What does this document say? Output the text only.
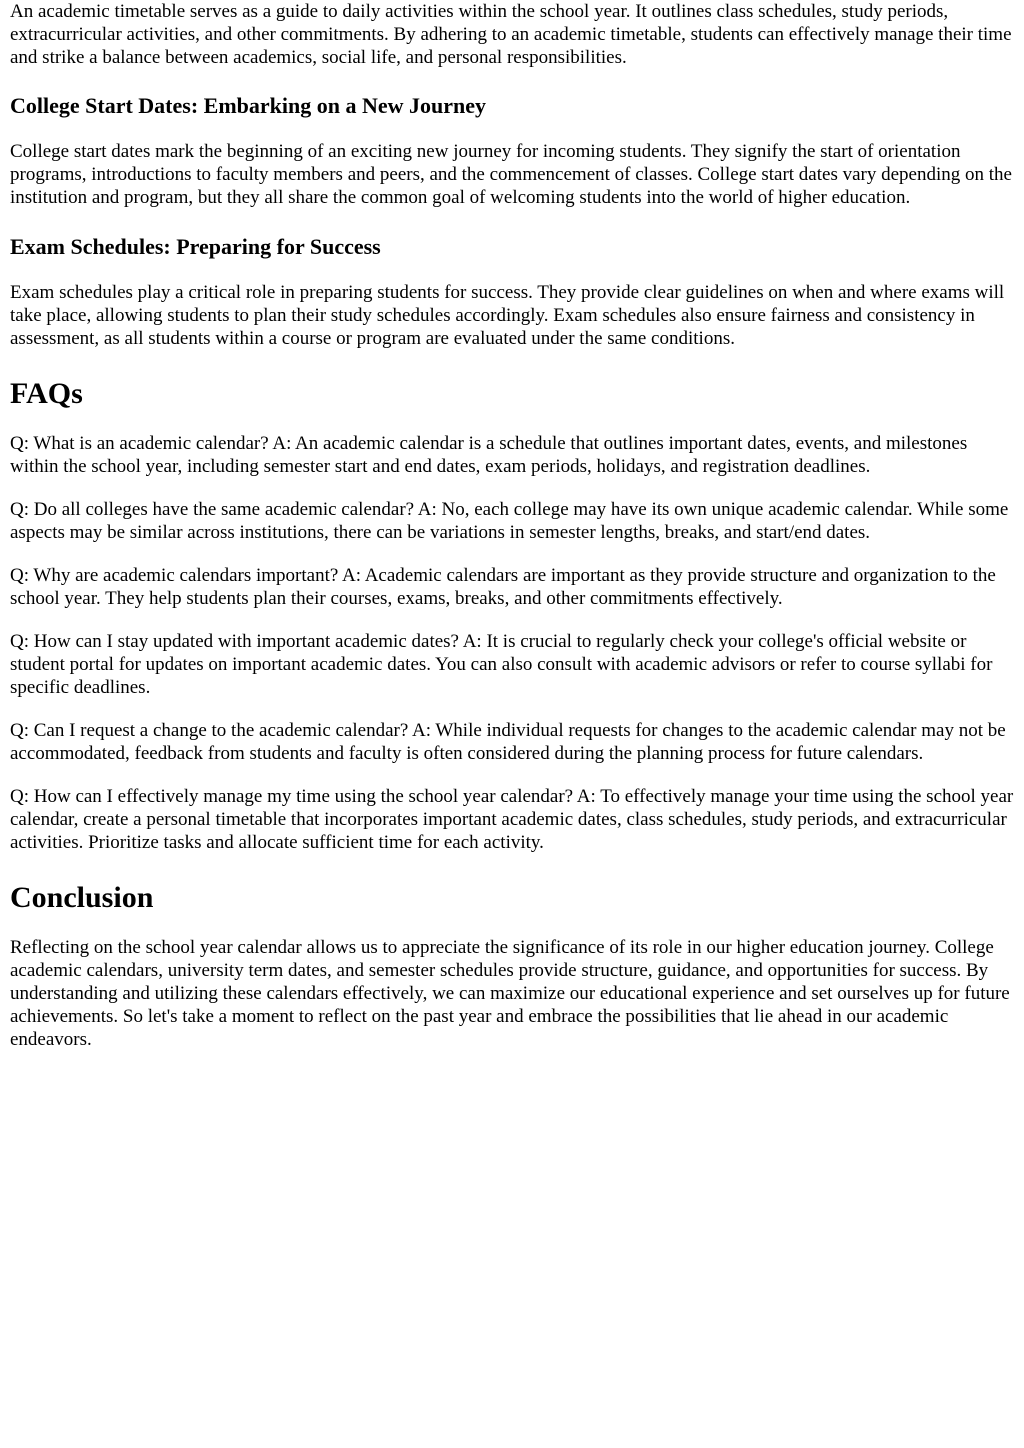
An academic timetable serves as a guide to daily activities within the school year. It outlines class schedules, study periods, extracurricular activities, and other commitments. By adhering to an academic timetable, students can effectively manage their time and strike a balance between academics, social life, and personal responsibilities.

College Start Dates: Embarking on a New Journey

College start dates mark the beginning of an exciting new journey for incoming students. They signify the start of orientation programs, introductions to faculty members and peers, and the commencement of classes. College start dates vary depending on the institution and program, but they all share the common goal of welcoming students into the world of higher education.

Exam Schedules: Preparing for Success

Exam schedules play a critical role in preparing students for success. They provide clear guidelines on when and where exams will take place, allowing students to plan their study schedules accordingly. Exam schedules also ensure fairness and consistency in assessment, as all students within a course or program are evaluated under the same conditions.

FAQs

Q: What is an academic calendar? A: An academic calendar is a schedule that outlines important dates, events, and milestones within the school year, including semester start and end dates, exam periods, holidays, and registration deadlines.

Q: Do all colleges have the same academic calendar? A: No, each college may have its own unique academic calendar. While some aspects may be similar across institutions, there can be variations in semester lengths, breaks, and start/end dates.

Q: Why are academic calendars important? A: Academic calendars are important as they provide structure and organization to the school year. They help students plan their courses, exams, breaks, and other commitments effectively.

Q: How can I stay updated with important academic dates? A: It is crucial to regularly check your college's official website or student portal for updates on important academic dates. You can also consult with academic advisors or refer to course syllabi for specific deadlines.

Q: Can I request a change to the academic calendar? A: While individual requests for changes to the academic calendar may not be accommodated, feedback from students and faculty is often considered during the planning process for future calendars.

Q: How can I effectively manage my time using the school year calendar? A: To effectively manage your time using the school year calendar, create a personal timetable that incorporates important academic dates, class schedules, study periods, and extracurricular activities. Prioritize tasks and allocate sufficient time for each activity.

Conclusion

Reflecting on the school year calendar allows us to appreciate the significance of its role in our higher education journey. College academic calendars, university term dates, and semester schedules provide structure, guidance, and opportunities for success. By understanding and utilizing these calendars effectively, we can maximize our educational experience and set ourselves up for future achievements. So let's take a moment to reflect on the past year and embrace the possibilities that lie ahead in our academic endeavors.
